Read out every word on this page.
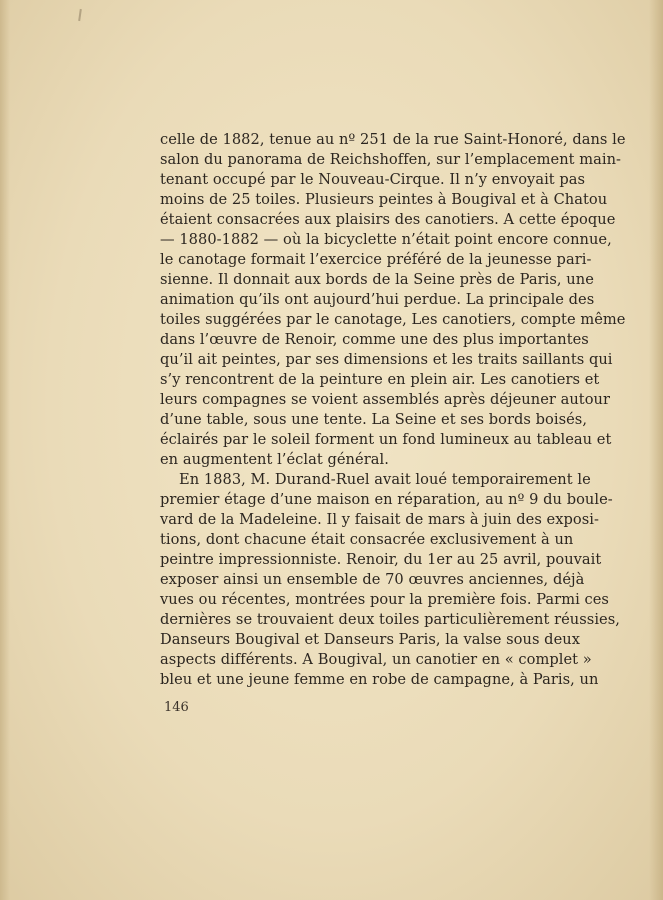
celle de 1882, tenue au nº 251 de la rue Saint-Honoré, dans le
salon du panorama de Reichshoffen, sur l’emplacement main-
tenant occupé par le Nouveau-Cirque. Il n’y envoyait pas
moins de 25 toiles. Plusieurs peintes à Bougival et à Chatou
étaient consacrées aux plaisirs des canotiers. A cette époque
— 1880-1882 — où la bicyclette n’était point encore connue,
le canotage formait l’exercice préféré de la jeunesse pari-
sienne. Il donnait aux bords de la Seine près de Paris, une
animation qu’ils ont aujourd’hui perdue. La principale des
toiles suggérées par le canotage, Les canotiers, compte même
dans l’œuvre de Renoir, comme une des plus importantes
qu’il ait peintes, par ses dimensions et les traits saillants qui
s’y rencontrent de la peinture en plein air. Les canotiers et
leurs compagnes se voient assemblés après déjeuner autour
d’une table, sous une tente. La Seine et ses bords boisés,
éclairés par le soleil forment un fond lumineux au tableau et
en augmentent l’éclat général.
En 1883, M. Durand-Ruel avait loué temporairement le
premier étage d’une maison en réparation, au nº 9 du boule-
vard de la Madeleine. Il y faisait de mars à juin des exposi-
tions, dont chacune était consacrée exclusivement à un
peintre impressionniste. Renoir, du 1er au 25 avril, pouvait
exposer ainsi un ensemble de 70 œuvres anciennes, déjà
vues ou récentes, montrées pour la première fois. Parmi ces
dernières se trouvaient deux toiles particulièrement réussies,
Danseurs Bougival et Danseurs Paris, la valse sous deux
aspects différents. A Bougival, un canotier en « complet »
bleu et une jeune femme en robe de campagne, à Paris, un
146
